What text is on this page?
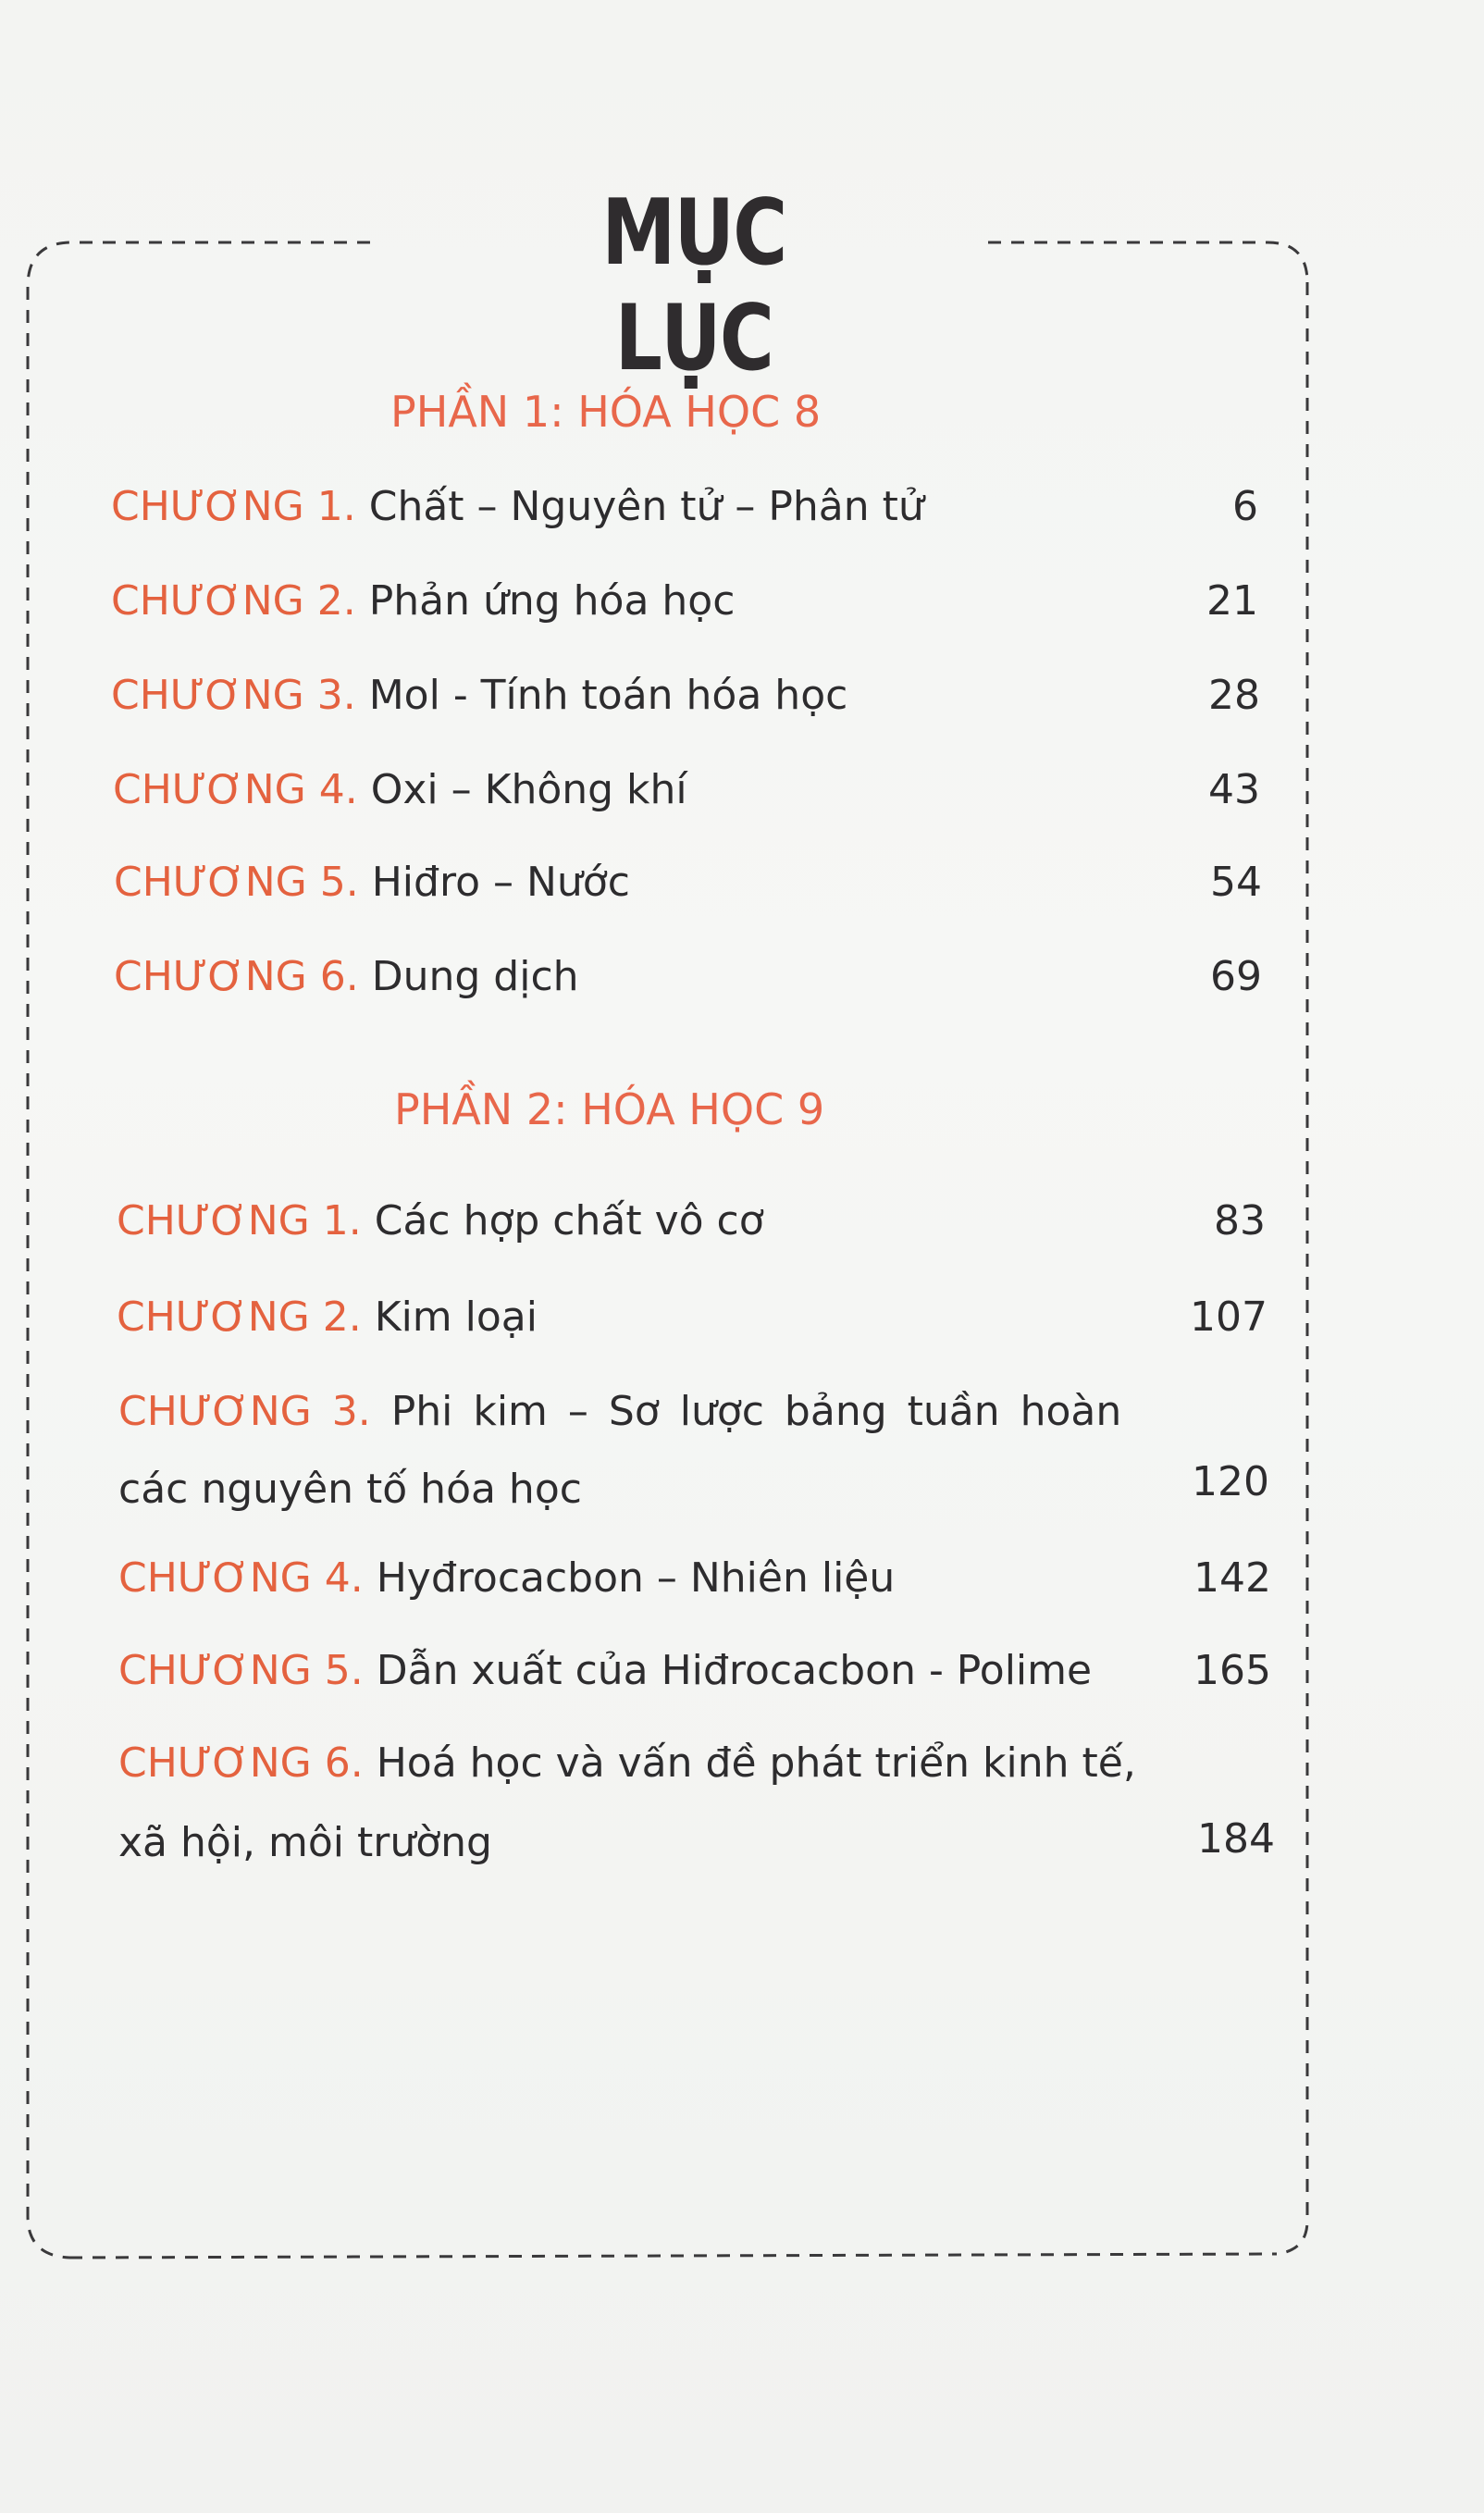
MỤC LỤC
PHẦN 1: HÓA HỌC 8
CHƯƠNG 1. Chất – Nguyên tử – Phân tử	6
CHƯƠNG 2. Phản ứng hóa học	21
CHƯƠNG 3. Mol - Tính toán hóa học	28
CHƯƠNG 4. Oxi – Không khí	43
CHƯƠNG 5. Hiđro – Nước	54
CHƯƠNG 6. Dung dịch	69
PHẦN 2: HÓA HỌC 9
CHƯƠNG 1. Các hợp chất vô cơ	83
CHƯƠNG 2. Kim loại	107
CHƯƠNG 3. Phi kim – Sơ lược bảng tuần hoàn
các nguyên tố hóa học	120
CHƯƠNG 4. Hyđrocacbon – Nhiên liệu	142
CHƯƠNG 5. Dẫn xuất của Hiđrocacbon - Polime	165
CHƯƠNG 6. Hoá học và vấn đề phát triển kinh tế,
xã hội, môi trường	184
